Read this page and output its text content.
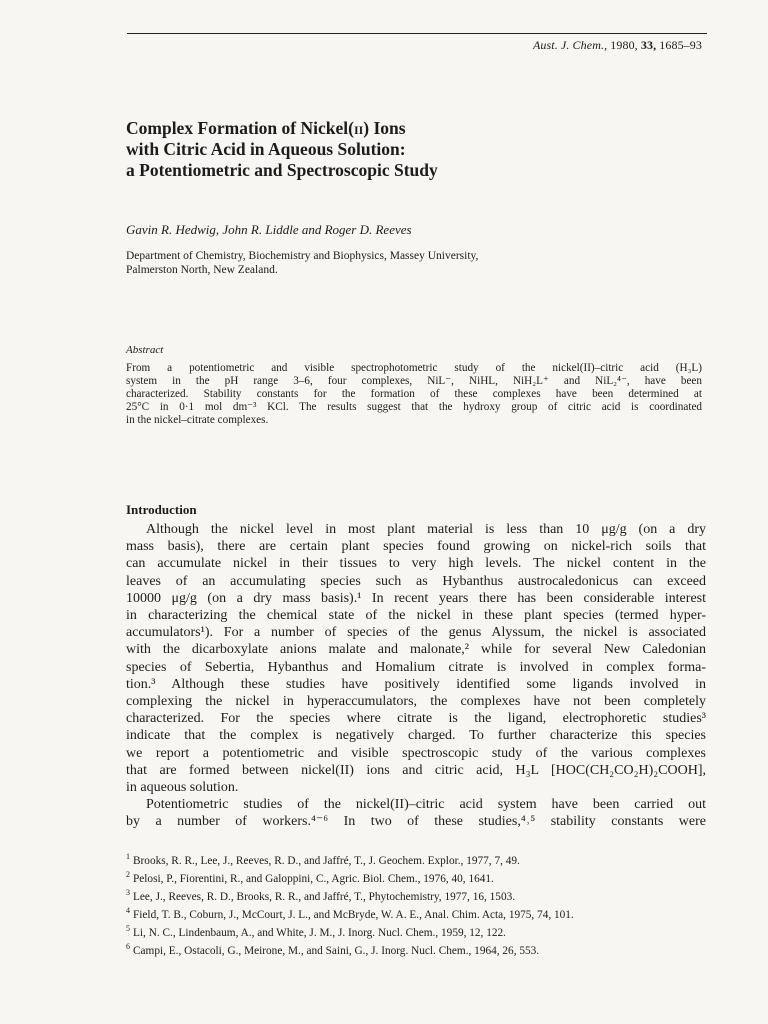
Aust. J. Chem., 1980, 33, 1685–93
Complex Formation of Nickel(ii) Ions
with Citric Acid in Aqueous Solution:
a Potentiometric and Spectroscopic Study
Gavin R. Hedwig, John R. Liddle and Roger D. Reeves
Department of Chemistry, Biochemistry and Biophysics, Massey University,
Palmerston North, New Zealand.
Abstract
From a potentiometric and visible spectrophotometric study of the nickel(II)–citric acid (H₃L)
system in the pH range 3–6, four complexes, NiL⁻, NiHL, NiH₂L⁺ and NiL₂⁴⁻, have been
characterized. Stability constants for the formation of these complexes have been determined at
25°C in 0·1 mol dm⁻³ KCl. The results suggest that the hydroxy group of citric acid is coordinated
in the nickel–citrate complexes.
Introduction
Although the nickel level in most plant material is less than 10 μg/g (on a dry
mass basis), there are certain plant species found growing on nickel-rich soils that
can accumulate nickel in their tissues to very high levels. The nickel content in the
leaves of an accumulating species such as Hybanthus austrocaledonicus can exceed
10000 μg/g (on a dry mass basis).¹ In recent years there has been considerable interest
in characterizing the chemical state of the nickel in these plant species (termed hyper-
accumulators¹). For a number of species of the genus Alyssum, the nickel is associated
with the dicarboxylate anions malate and malonate,² while for several New Caledonian
species of Sebertia, Hybanthus and Homalium citrate is involved in complex forma-
tion.³ Although these studies have positively identified some ligands involved in
complexing the nickel in hyperaccumulators, the complexes have not been completely
characterized. For the species where citrate is the ligand, electrophoretic studies³
indicate that the complex is negatively charged. To further characterize this species
we report a potentiometric and visible spectroscopic study of the various complexes
that are formed between nickel(II) ions and citric acid, H₃L [HOC(CH₂CO₂H)₂COOH],
in aqueous solution.
Potentiometric studies of the nickel(II)–citric acid system have been carried out
by a number of workers.⁴⁻⁶ In two of these studies,⁴˒⁵ stability constants were
$^1$ Brooks, R. R., Lee, J., Reeves, R. D., and Jaffré, T., J. Geochem. Explor., 1977, 7, 49.
$^2$ Pelosi, P., Fiorentini, R., and Galoppini, C., Agric. Biol. Chem., 1976, 40, 1641.
$^3$ Lee, J., Reeves, R. D., Brooks, R. R., and Jaffré, T., Phytochemistry, 1977, 16, 1503.
$^4$ Field, T. B., Coburn, J., McCourt, J. L., and McBryde, W. A. E., Anal. Chim. Acta, 1975, 74, 101.
$^5$ Li, N. C., Lindenbaum, A., and White, J. M., J. Inorg. Nucl. Chem., 1959, 12, 122.
$^6$ Campi, E., Ostacoli, G., Meirone, M., and Saini, G., J. Inorg. Nucl. Chem., 1964, 26, 553.
